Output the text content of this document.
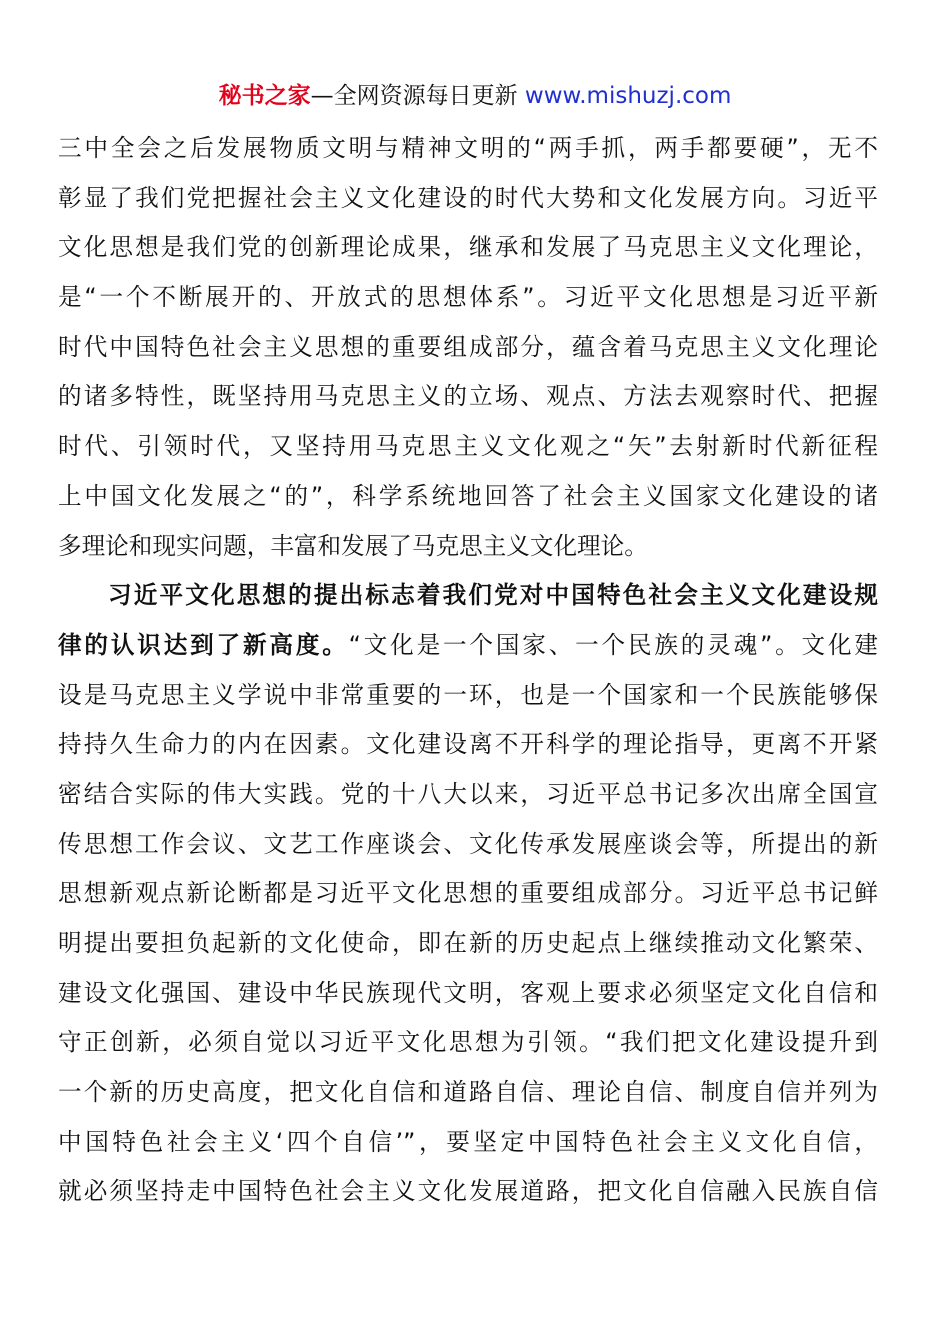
秘书之家—全网资源每日更新 www.mishuzj.com
三中全会之后发展物质文明与精神文明的“两手抓，两手都要硬”，无不
彰显了我们党把握社会主义文化建设的时代大势和文化发展方向。习近平
文化思想是我们党的创新理论成果，继承和发展了马克思主义文化理论，
是“一个不断展开的、开放式的思想体系”。习近平文化思想是习近平新
时代中国特色社会主义思想的重要组成部分，蕴含着马克思主义文化理论
的诸多特性，既坚持用马克思主义的立场、观点、方法去观察时代、把握
时代、引领时代，又坚持用马克思主义文化观之“矢”去射新时代新征程
上中国文化发展之“的”，科学系统地回答了社会主义国家文化建设的诸
多理论和现实问题，丰富和发展了马克思主义文化理论。
习近平文化思想的提出标志着我们党对中国特色社会主义文化建设规
律的认识达到了新高度。“文化是一个国家、一个民族的灵魂”。文化建
设是马克思主义学说中非常重要的一环，也是一个国家和一个民族能够保
持持久生命力的内在因素。文化建设离不开科学的理论指导，更离不开紧
密结合实际的伟大实践。党的十八大以来，习近平总书记多次出席全国宣
传思想工作会议、文艺工作座谈会、文化传承发展座谈会等，所提出的新
思想新观点新论断都是习近平文化思想的重要组成部分。习近平总书记鲜
明提出要担负起新的文化使命，即在新的历史起点上继续推动文化繁荣、
建设文化强国、建设中华民族现代文明，客观上要求必须坚定文化自信和
守正创新，必须自觉以习近平文化思想为引领。“我们把文化建设提升到
一个新的历史高度，把文化自信和道路自信、理论自信、制度自信并列为
中国特色社会主义‘四个自信’”，要坚定中国特色社会主义文化自信，
就必须坚持走中国特色社会主义文化发展道路，把文化自信融入民族自信
